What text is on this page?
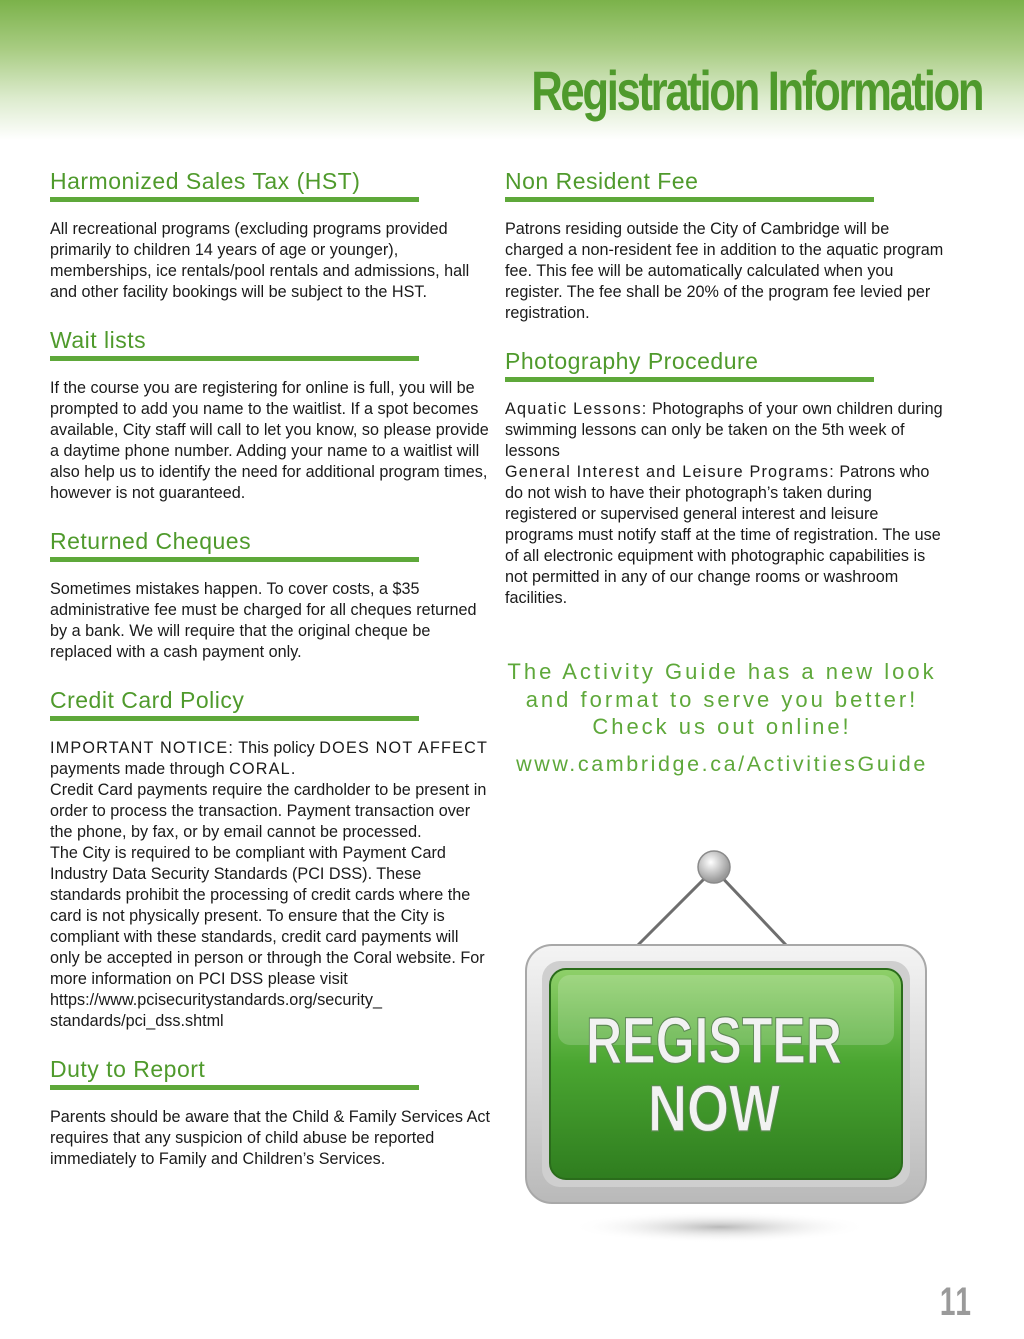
Registration Information
Harmonized Sales Tax (HST)

All recreational programs (excluding programs provided primarily to children 14 years of age or younger), memberships, ice rentals/pool rentals and admissions, hall and other facility bookings will be subject to the HST.

Wait lists

If the course you are registering for online is full, you will be prompted to add you name to the waitlist. If a spot becomes available, City staff will call to let you know, so please provide a daytime phone number. Adding your name to a waitlist will also help us to identify the need for additional program times, however is not guaranteed.

Returned Cheques

Sometimes mistakes happen. To cover costs, a $35 administrative fee must be charged for all cheques returned by a bank. We will require that the original cheque be replaced with a cash payment only.

Credit Card Policy

IMPORTANT NOTICE: This policy DOES NOT AFFECT payments made through CORAL.

Credit Card payments require the cardholder to be present in order to process the transaction. Payment transaction over the phone, by fax, or by email cannot be processed.

The City is required to be compliant with Payment Card Industry Data Security Standards (PCI DSS). These standards prohibit the processing of credit cards where the card is not physically present. To ensure that the City is compliant with these standards, credit card payments will only be accepted in person or through the Coral website. For more information on PCI DSS please visit https://www.pcisecuritystandards.org/security_ standards/pci_dss.shtml

Duty to Report

Parents should be aware that the Child & Family Services Act requires that any suspicion of child abuse be reported immediately to Family and Children’s Services.

Non Resident Fee

Patrons residing outside the City of Cambridge will be charged a non-resident fee in addition to the aquatic program fee. This fee will be automatically calculated when you register. The fee shall be 20% of the program fee levied per registration.

Photography Procedure

Aquatic Lessons: Photographs of your own children during swimming lessons can only be taken on the 5th week of lessons

General Interest and Leisure Programs: Patrons who do not wish to have their photograph’s taken during registered or supervised general interest and leisure programs must notify staff at the time of registration. The use of all electronic equipment with photographic capabilities is not permitted in any of our change rooms or washroom facilities.

The Activity Guide has a new look
and format to serve you better!
Check us out online!
www.cambridge.ca/ActivitiesGuide
REGISTER
NOW
11
